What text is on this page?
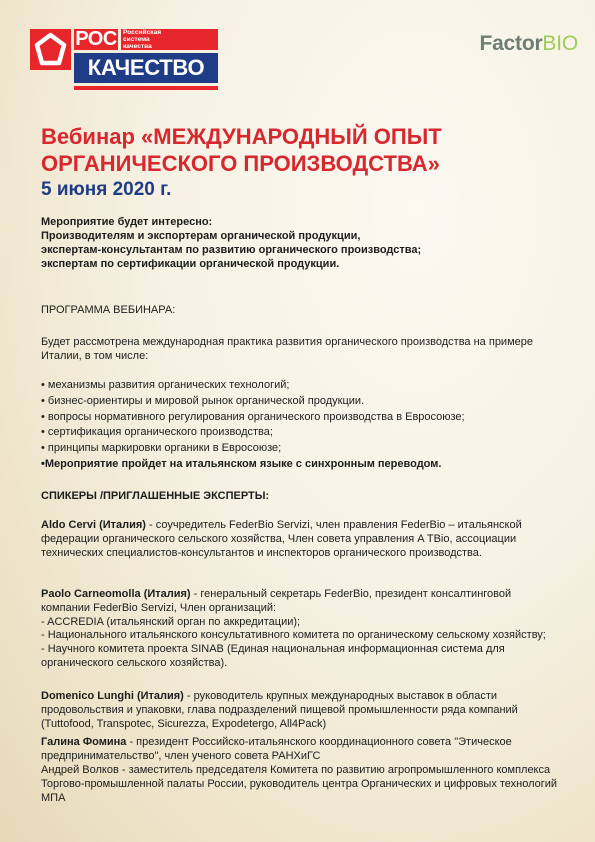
РОС Российская
система
качества
КАЧЕСТВО
FactorBIO
Вебинар «МЕЖДУНАРОДНЫЙ ОПЫТ ОРГАНИЧЕСКОГО ПРОИЗВОДСТВА»
5 июня 2020 г.
Мероприятие будет интересно:
Производителям и экспортерам органической продукции,
экспертам-консультантам по развитию органического производства;
экспертам по сертификации органической продукции.
ПРОГРАММА ВЕБИНАРА:
Будет рассмотрена международная практика развития органического производства на примере Италии, в том числе:
• механизмы развития органических технологий;
• бизнес-ориентиры и мировой рынок органической продукции.
• вопросы нормативного регулирования органического производства в Евросоюзе;
• сертификация органического производства;
• принципы маркировки органики в Евросоюзе;
•Мероприятие пройдет на итальянском языке с синхронным переводом.
СПИКЕРЫ /ПРИГЛАШЕННЫЕ ЭКСПЕРТЫ:
Aldo Cervi (Италия) - соучредитель FederBio Servizi, член правления FederBio – итальянской федерации органического сельского хозяйства, Член совета управления A TBio, ассоциации технических специалистов-консультантов и инспекторов органического производства.
Paolo Carneomolla (Италия) - генеральный секретарь FederBio, президент консалтинговой компании FederBio Servizi, Член организаций:
- ACCREDIA (итальянский орган по аккредитации);
- Национального итальянского консультативного комитета по органическому сельскому хозяйству;
- Научного комитета проекта SINAB (Единая национальная информационная система для органического сельского хозяйства).
Domenico Lunghi (Италия) - руководитель крупных международных выставок в области продовольствия и упаковки, глава подразделений пищевой промышленности ряда компаний (Tuttofood, Transpotec, Sicurezza, Expodetergo, All4Pack)
Галина Фомина - президент Российско-итальянского координационного совета "Этическое предпринимательство", член ученого совета РАНХиГС
Андрей Волков - заместитель председателя Комитета по развитию агропромышленного комплекса Торгово-промышленной палаты России, руководитель центра Органических и цифровых технологий МПА
